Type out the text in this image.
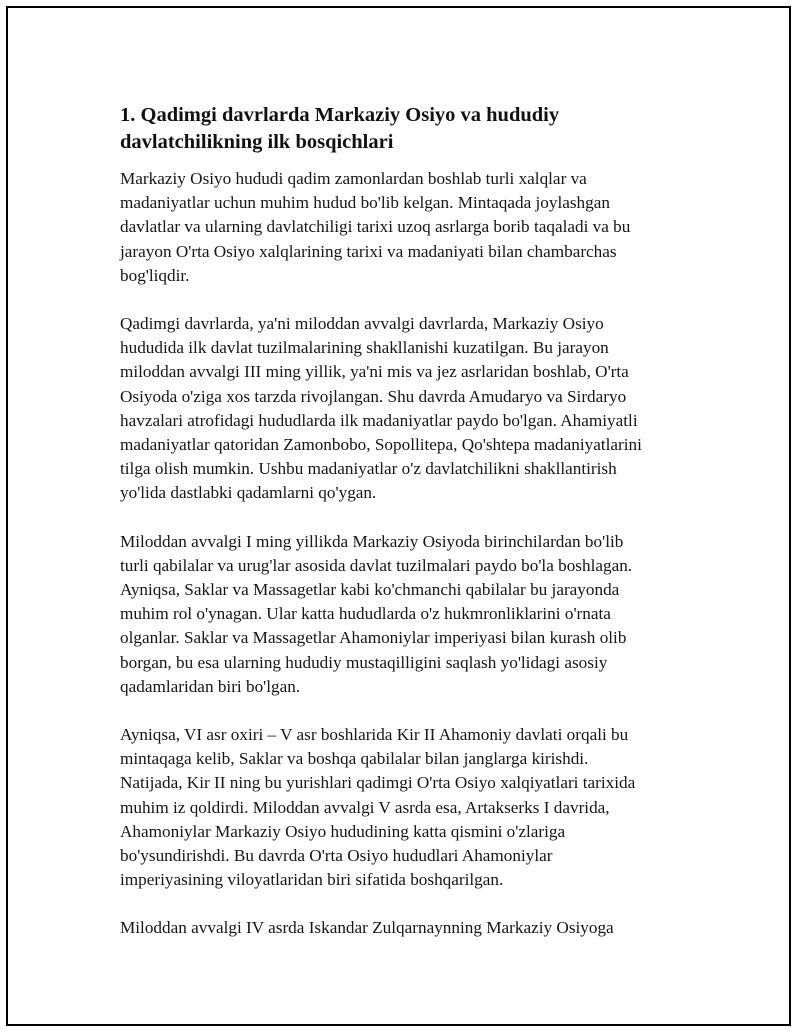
1. Qadimgi davrlarda Markaziy Osiyo va hududiy
davlatchilikning ilk bosqichlari

Markaziy Osiyo hududi qadim zamonlardan boshlab turli xalqlar va
madaniyatlar uchun muhim hudud bo'lib kelgan. Mintaqada joylashgan
davlatlar va ularning davlatchiligi tarixi uzoq asrlarga borib taqaladi va bu
jarayon O'rta Osiyo xalqlarining tarixi va madaniyati bilan chambarchas
bog'liqdir.

Qadimgi davrlarda, ya'ni miloddan avvalgi davrlarda, Markaziy Osiyo
hududida ilk davlat tuzilmalarining shakllanishi kuzatilgan. Bu jarayon
miloddan avvalgi III ming yillik, ya'ni mis va jez asrlaridan boshlab, O'rta
Osiyoda o'ziga xos tarzda rivojlangan. Shu davrda Amudaryo va Sirdaryo
havzalari atrofidagi hududlarda ilk madaniyatlar paydo bo'lgan. Ahamiyatli
madaniyatlar qatoridan Zamonbobo, Sopollitepa, Qo'shtepa madaniyatlarini
tilga olish mumkin. Ushbu madaniyatlar o'z davlatchilikni shakllantirish
yo'lida dastlabki qadamlarni qo'ygan.

Miloddan avvalgi I ming yillikda Markaziy Osiyoda birinchilardan bo'lib
turli qabilalar va urug'lar asosida davlat tuzilmalari paydo bo'la boshlagan.
Ayniqsa, Saklar va Massagetlar kabi ko'chmanchi qabilalar bu jarayonda
muhim rol o'ynagan. Ular katta hududlarda o'z hukmronliklarini o'rnata
olganlar. Saklar va Massagetlar Ahamoniylar imperiyasi bilan kurash olib
borgan, bu esa ularning hududiy mustaqilligini saqlash yo'lidagi asosiy
qadamlaridan biri bo'lgan.

Ayniqsa, VI asr oxiri – V asr boshlarida Kir II Ahamoniy davlati orqali bu
mintaqaga kelib, Saklar va boshqa qabilalar bilan janglarga kirishdi.
Natijada, Kir II ning bu yurishlari qadimgi O'rta Osiyo xalqiyatlari tarixida
muhim iz qoldirdi. Miloddan avvalgi V asrda esa, Artakserks I davrida,
Ahamoniylar Markaziy Osiyo hududining katta qismini o'zlariga
bo'ysundirishdi. Bu davrda O'rta Osiyo hududlari Ahamoniylar
imperiyasining viloyatlaridan biri sifatida boshqarilgan.

Miloddan avvalgi IV asrda Iskandar Zulqarnaynning Markaziy Osiyoga
